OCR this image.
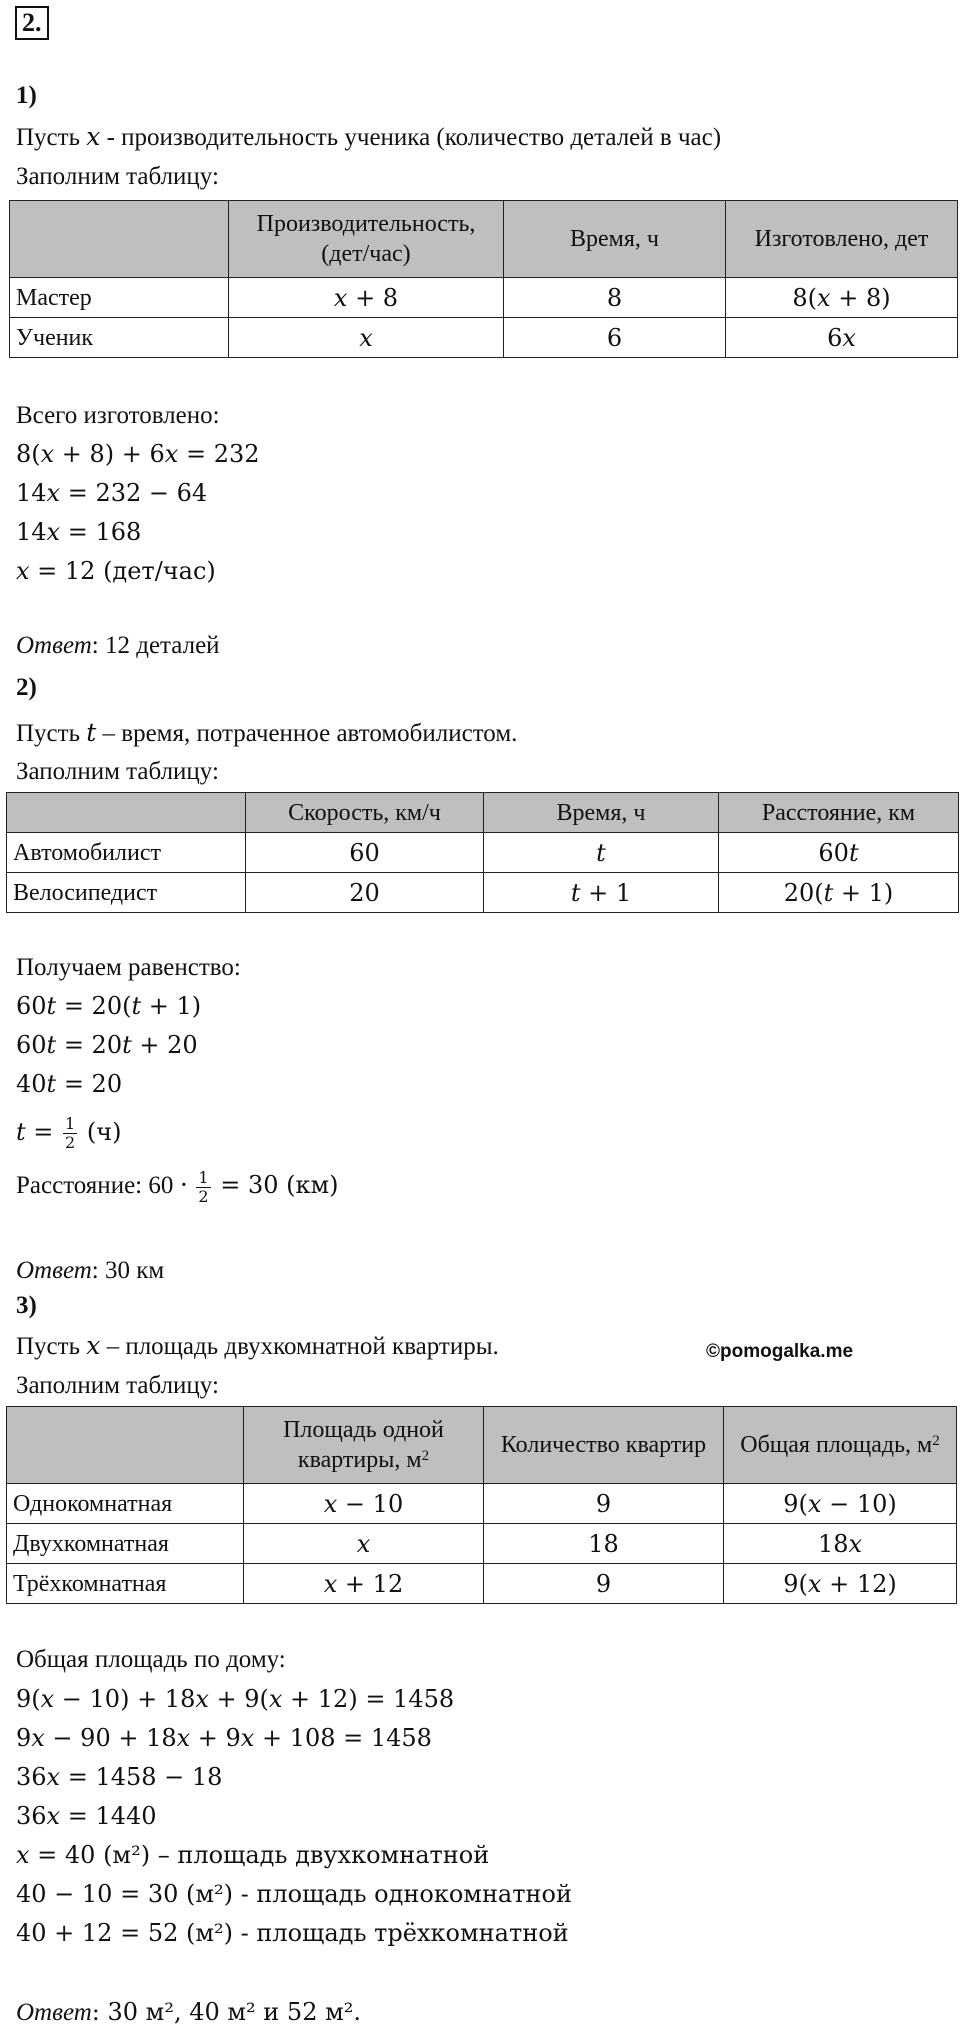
2.
1)
Пусть 𝑥 - производительность ученика (количество деталей в час)
Заполним таблицу:
	Производительность, (дет/час)	Время, ч	Изготовлено, дет
Мастер	𝑥 + 8	8	8(𝑥 + 8)
Ученик	𝑥	6	6𝑥
Всего изготовлено:
8(𝑥 + 8) + 6𝑥 = 232
14𝑥 = 232 − 64
14𝑥 = 168
𝑥 = 12 (дет/час)
Ответ: 12 деталей
2)
Пусть 𝑡 – время, потраченное автомобилистом.
Заполним таблицу:
	Скорость, км/ч	Время, ч	Расстояние, км
Автомобилист	60	𝑡	60𝑡
Велосипедист	20	𝑡 + 1	20(𝑡 + 1)
Получаем равенство:
60𝑡 = 20(𝑡 + 1)
60𝑡 = 20𝑡 + 20
40𝑡 = 20
𝑡 = $\frac{1}{2} (ч)$
Расстояние: $60 \cdot \frac{1}{2} = 30$ (км)
Ответ: 30 км
3)
Пусть 𝑥 – площадь двухкомнатной квартиры.	©pomogalka.me
Заполним таблицу:
	Площадь одной квартиры, $м^2$	Количество квартир	Общая площадь, $м^2$
Однокомнатная	𝑥 − 10	9	9(𝑥 − 10)
Двухкомнатная	𝑥	18	18𝑥
Трёхкомнатная	𝑥 + 12	9	9(𝑥 + 12)
Общая площадь по дому:
9(𝑥 − 10) + 18𝑥 + 9(𝑥 + 12) = 1458
9𝑥 − 90 + 18𝑥 + 9𝑥 + 108 = 1458
36𝑥 = 1458 − 18
36𝑥 = 1440
𝑥 = 40 (м²) – площадь двухкомнатной
40 − 10 = 30 (м²) - площадь однокомнатной
40 + 12 = 52 (м²) - площадь трёхкомнатной
Ответ: 30 м², 40 м² и 52 м².
